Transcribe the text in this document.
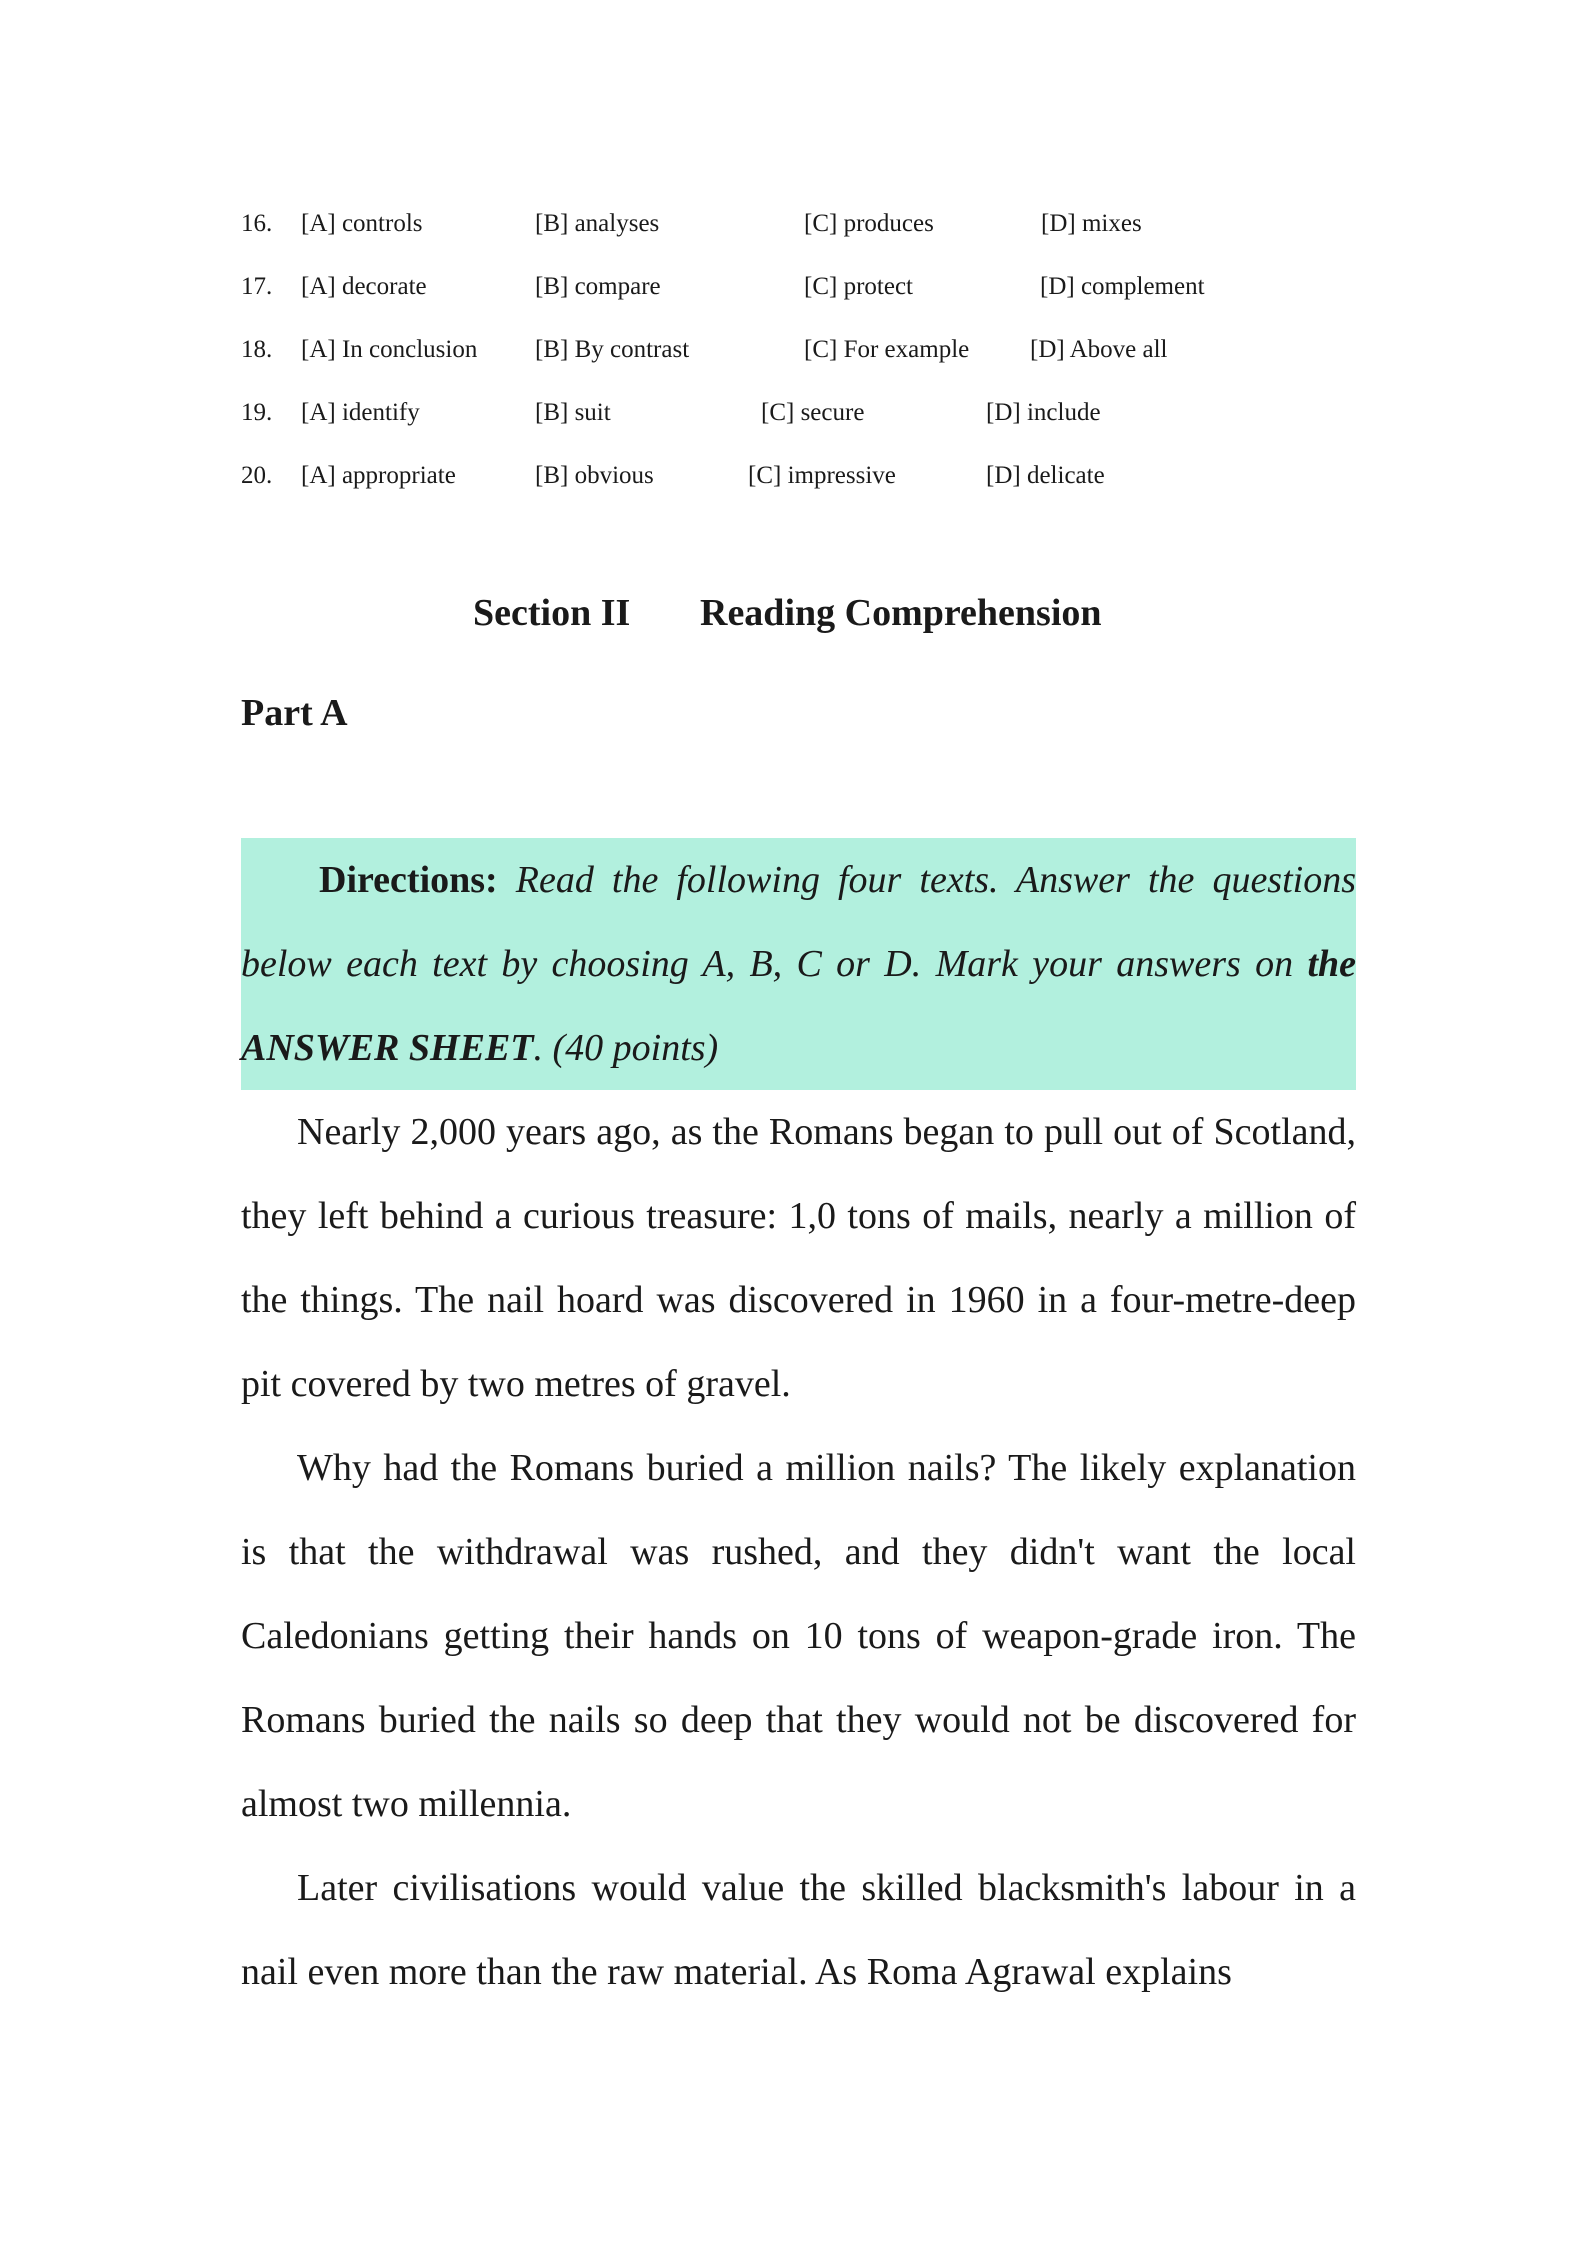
16. [A] controls	[B] analyses	[C] produces	[D] mixes
17. [A] decorate	[B] compare	[C] protect	[D] complement
18. [A] In conclusion [B] By contrast	[C] For example [D] Above all
19. [A] identify	[B] suit	[C] secure	[D] include
20. [A] appropriate	[B] obvious	[C] impressive	[D] delicate
Section II Reading Comprehension
Part A
Directions: Read the following four texts. Answer the questions below each text by choosing A, B, C or D. Mark your answers on the ANSWER SHEET. (40 points)

Nearly 2,000 years ago, as the Romans began to pull out of Scotland, they left behind a curious treasure: 1,0 tons of mails, nearly a million of the things. The nail hoard was discovered in 1960 in a four-metre-deep pit covered by two metres of gravel.

Why had the Romans buried a million nails? The likely explanation is that the withdrawal was rushed, and they didn't want the local Caledonians getting their hands on 10 tons of weapon-grade iron. The Romans buried the nails so deep that they would not be discovered for almost two millennia.

Later civilisations would value the skilled blacksmith's labour in a nail even more than the raw material. As Roma Agrawal explains
